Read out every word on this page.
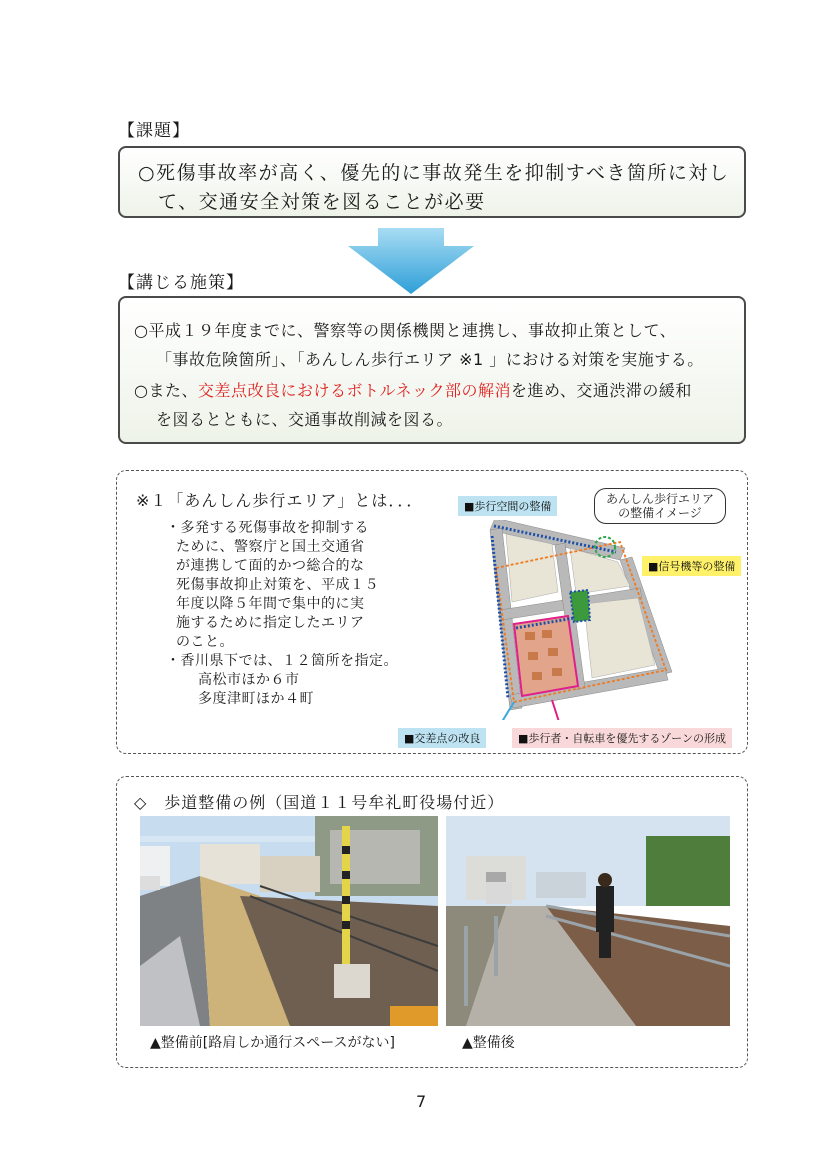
【課題】
○死傷事故率が高く、優先的に事故発生を抑制すべき箇所に対し
て、交通安全対策を図ることが必要
【講じる施策】
○平成１９年度までに、警察等の関係機関と連携し、事故抑止策として、
「事故危険箇所」、「あんしん歩行エリア ※1 」における対策を実施する。
○また、交差点改良におけるボトルネック部の解消を進め、交通渋滞の緩和
を図るとともに、交通事故削減を図る。
※１「あんしん歩行エリア」とは．．．
・多発する死傷事故を抑制する
ために、警察庁と国土交通省
が連携して面的かつ総合的な
死傷事故抑止対策を、平成１５
年度以降５年間で集中的に実
施するために指定したエリア
のこと。
・香川県下では、１２箇所を指定。
高松市ほか６市
多度津町ほか４町
あんしん歩行エリア
の整備イメージ
■歩行空間の整備
■信号機等の整備
■交差点の改良	■歩行者・自転車を優先するゾーンの形成
◇　歩道整備の例（国道１１号牟礼町役場付近）
▲整備前[路肩しか通行スペースがない]	▲整備後
7
